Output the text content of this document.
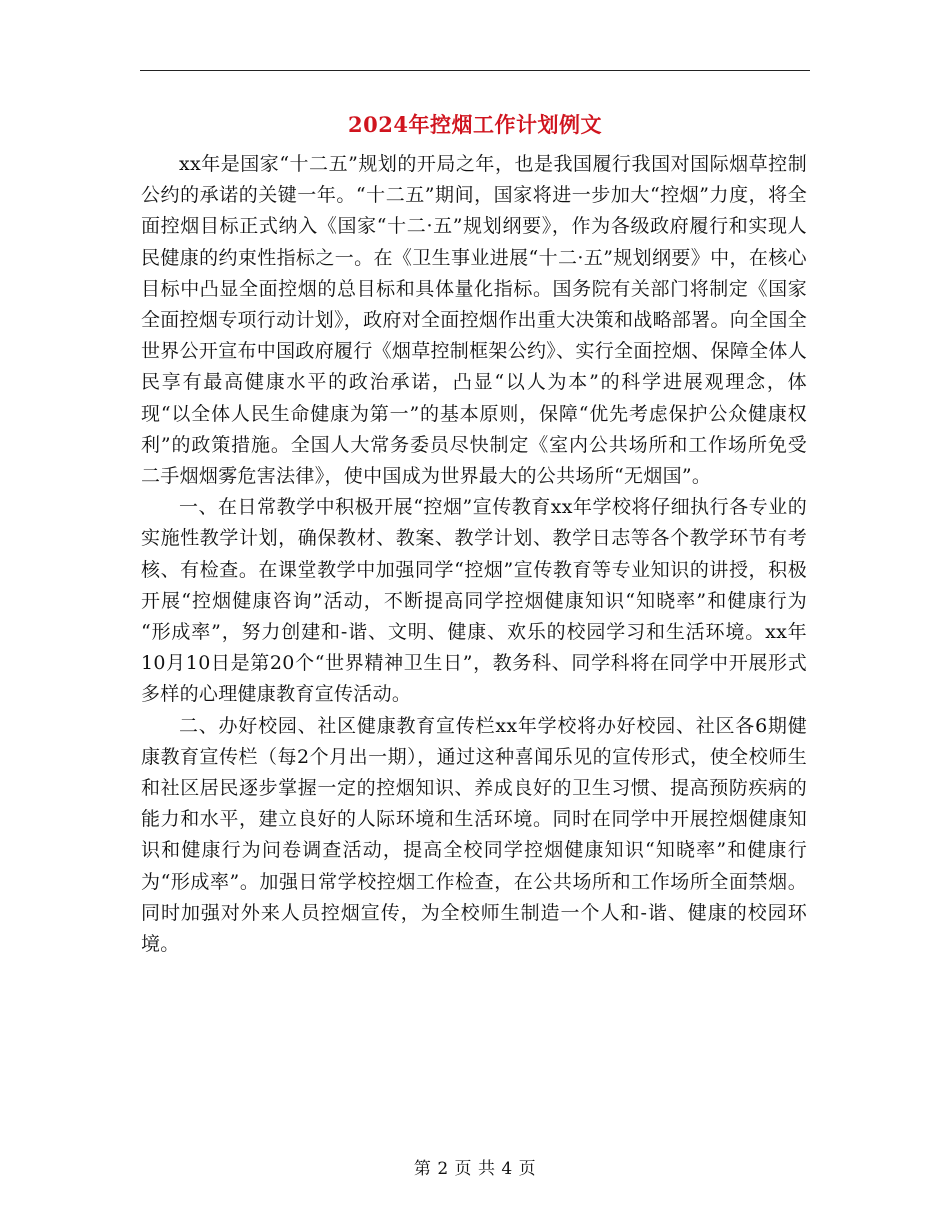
2024年控烟工作计划例文

xx年是国家“十二五”规划的开局之年，也是我国履行我国对国际烟草控制公约的承诺的关键一年。“十二五”期间，国家将进一步加大“控烟”力度，将全面控烟目标正式纳入《国家“十二·五”规划纲要》，作为各级政府履行和实现人民健康的约束性指标之一。在《卫生事业进展“十二·五”规划纲要》中，在核心目标中凸显全面控烟的总目标和具体量化指标。国务院有关部门将制定《国家全面控烟专项行动计划》，政府对全面控烟作出重大决策和战略部署。向全国全世界公开宣布中国政府履行《烟草控制框架公约》、实行全面控烟、保障全体人民享有最高健康水平的政治承诺，凸显“以人为本”的科学进展观理念，体现“以全体人民生命健康为第一”的基本原则，保障“优先考虑保护公众健康权利”的政策措施。全国人大常务委员尽快制定《室内公共场所和工作场所免受二手烟烟雾危害法律》，使中国成为世界最大的公共场所“无烟国”。

一、在日常教学中积极开展“控烟”宣传教育xx年学校将仔细执行各专业的实施性教学计划，确保教材、教案、教学计划、教学日志等各个教学环节有考核、有检查。在课堂教学中加强同学“控烟”宣传教育等专业知识的讲授，积极开展“控烟健康咨询”活动，不断提高同学控烟健康知识“知晓率”和健康行为 “形成率”，努力创建和-谐、文明、健康、欢乐的校园学习和生活环境。xx年10月10日是第20个“世界精神卫生日”，教务科、同学科将在同学中开展形式多样的心理健康教育宣传活动。

二、办好校园、社区健康教育宣传栏xx年学校将办好校园、社区各6期健康教育宣传栏（每2个月出一期），通过这种喜闻乐见的宣传形式，使全校师生和社区居民逐步掌握一定的控烟知识、养成良好的卫生习惯、提高预防疾病的能力和水平，建立良好的人际环境和生活环境。同时在同学中开展控烟健康知识和健康行为问卷调查活动，提高全校同学控烟健康知识“知晓率”和健康行为“形成率”。加强日常学校控烟工作检查，在公共场所和工作场所全面禁烟。同时加强对外来人员控烟宣传，为全校师生制造一个人和-谐、健康的校园环境。

第 2 页 共 4 页
